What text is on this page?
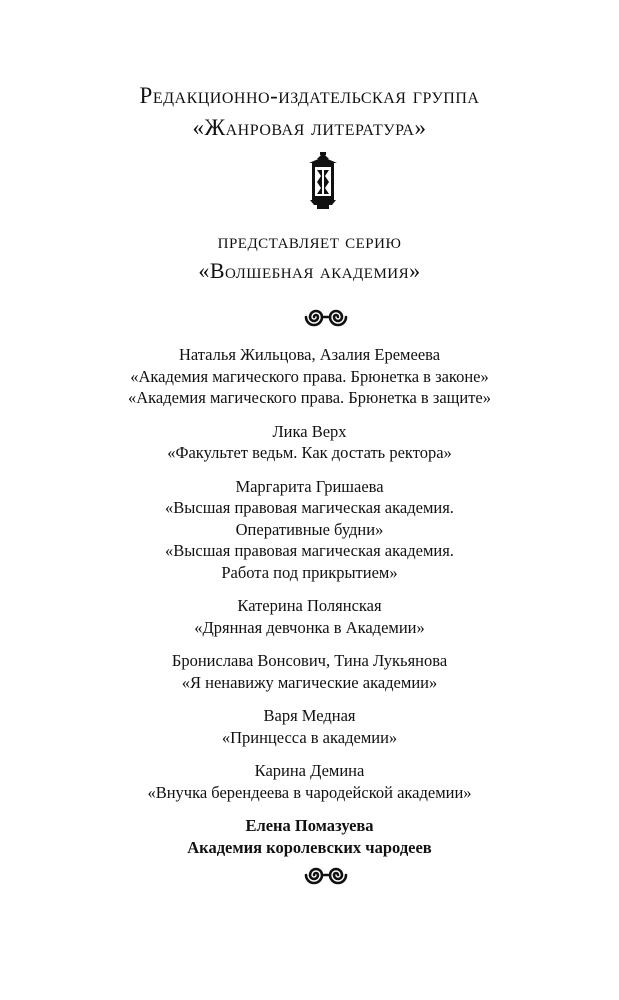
Редакционно-издательская группа
«Жанровая литература»
представляет серию
«Волшебная академия»
Наталья Жильцова, Азалия Еремеева
«Академия магического права. Брюнетка в законе»
«Академия магического права. Брюнетка в защите»
Лика Верх
«Факультет ведьм. Как достать ректора»
Маргарита Гришаева
«Высшая правовая магическая академия.
Оперативные будни»
«Высшая правовая магическая академия.
Работа под прикрытием»
Катерина Полянская
«Дрянная девчонка в Академии»
Бронислава Вонсович, Тина Лукьянова
«Я ненавижу магические академии»
Варя Медная
«Принцесса в академии»
Карина Демина
«Внучка берендеева в чародейской академии»
Елена Помазуева
Академия королевских чародеев
